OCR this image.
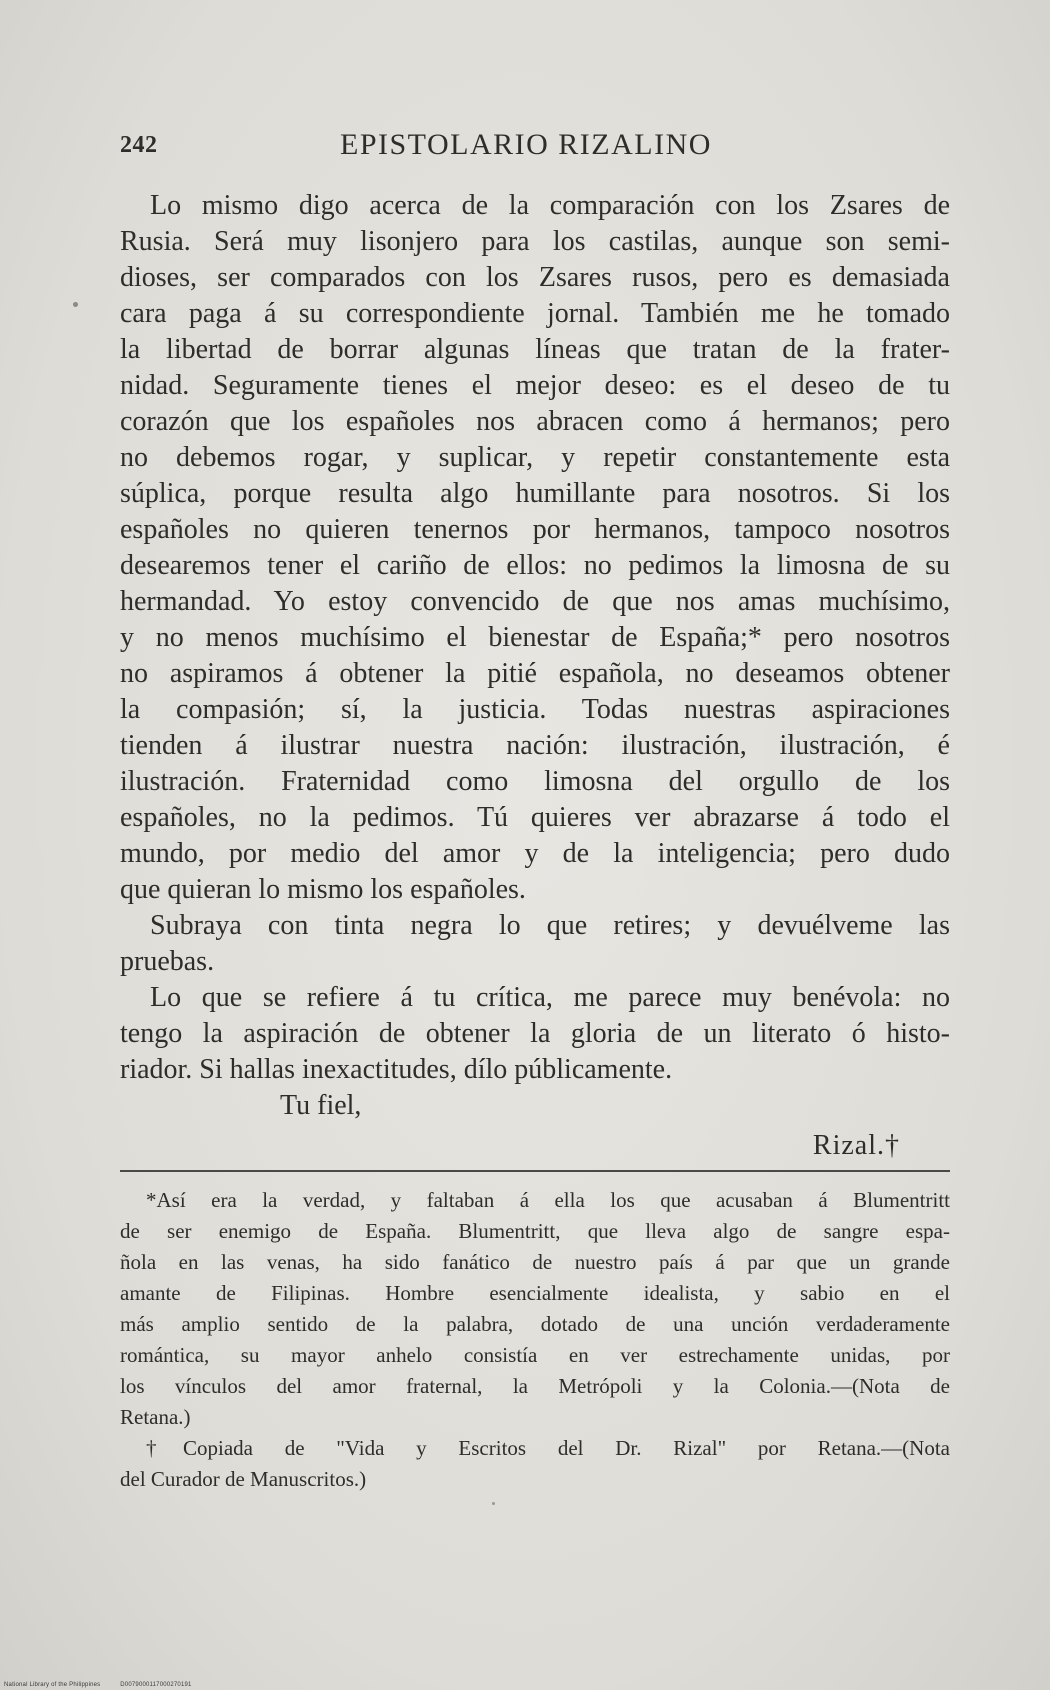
242	EPISTOLARIO RIZALINO
Lo mismo digo acerca de la comparación con los Zsares de
Rusia. Será muy lisonjero para los castilas, aunque son semi-
dioses, ser comparados con los Zsares rusos, pero es demasiada
cara paga á su correspondiente jornal. También me he tomado
la libertad de borrar algunas líneas que tratan de la frater-
nidad. Seguramente tienes el mejor deseo: es el deseo de tu
corazón que los españoles nos abracen como á hermanos; pero
no debemos rogar, y suplicar, y repetir constantemente esta
súplica, porque resulta algo humillante para nosotros. Si los
españoles no quieren tenernos por hermanos, tampoco nosotros
desearemos tener el cariño de ellos: no pedimos la limosna de su
hermandad. Yo estoy convencido de que nos amas muchísimo,
y no menos muchísimo el bienestar de España;* pero nosotros
no aspiramos á obtener la pitié española, no deseamos obtener
la compasión; sí, la justicia. Todas nuestras aspiraciones
tienden á ilustrar nuestra nación: ilustración, ilustración, é
ilustración. Fraternidad como limosna del orgullo de los
españoles, no la pedimos. Tú quieres ver abrazarse á todo el
mundo, por medio del amor y de la inteligencia; pero dudo
que quieran lo mismo los españoles.
Subraya con tinta negra lo que retires; y devuélveme las
pruebas.
Lo que se refiere á tu crítica, me parece muy benévola: no
tengo la aspiración de obtener la gloria de un literato ó histo-
riador. Si hallas inexactitudes, dílo públicamente.
Tu fiel,
Rizal.†
*Así era la verdad, y faltaban á ella los que acusaban á Blumentritt
de ser enemigo de España. Blumentritt, que lleva algo de sangre espa-
ñola en las venas, ha sido fanático de nuestro país á par que un grande
amante de Filipinas. Hombre esencialmente idealista, y sabio en el
más amplio sentido de la palabra, dotado de una unción verdaderamente
romántica, su mayor anhelo consistía en ver estrechamente unidas, por
los vínculos del amor fraternal, la Metrópoli y la Colonia.—(Nota de
Retana.)
†Copiada de "Vida y Escritos del Dr. Rizal" por Retana.—(Nota
del Curador de Manuscritos.)
National Library of the Philippines	D0079000117000270191
